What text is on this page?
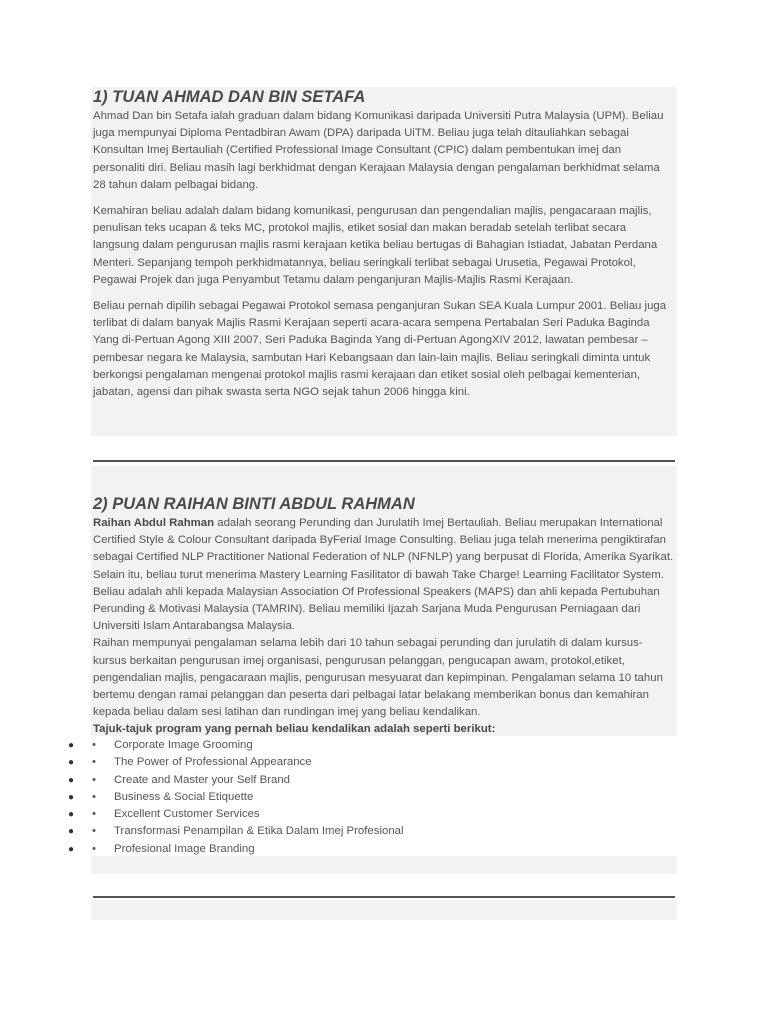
1) TUAN AHMAD DAN BIN SETAFA

Ahmad Dan bin Setafa ialah graduan dalam bidang Komunikasi daripada Universiti Putra Malaysia (UPM). Beliau juga mempunyai Diploma Pentadbiran Awam (DPA) daripada UiTM. Beliau juga telah ditauliahkan sebagai Konsultan Imej Bertauliah (Certified Professional Image Consultant (CPIC) dalam pembentukan imej dan personaliti diri. Beliau masih lagi berkhidmat dengan Kerajaan Malaysia dengan pengalaman berkhidmat selama 28 tahun dalam pelbagai bidang.

Kemahiran beliau adalah dalam bidang komunikasi, pengurusan dan pengendalian majlis, pengacaraan majlis, penulisan teks ucapan & teks MC, protokol majlis, etiket sosial dan makan beradab setelah terlibat secara langsung dalam pengurusan majlis rasmi kerajaan ketika beliau bertugas di Bahagian Istiadat, Jabatan Perdana Menteri. Sepanjang tempoh perkhidmatannya, beliau seringkali terlibat sebagai Urusetia, Pegawai Protokol, Pegawai Projek dan juga Penyambut Tetamu dalam penganjuran Majlis-Majlis Rasmi Kerajaan.

Beliau pernah dipilih sebagai Pegawai Protokol semasa penganjuran Sukan SEA Kuala Lumpur 2001. Beliau juga terlibat di dalam banyak Majlis Rasmi Kerajaan seperti acara-acara sempena Pertabalan Seri Paduka Baginda Yang di-Pertuan Agong XIII 2007, Seri Paduka Baginda Yang di-Pertuan AgongXIV 2012, lawatan pembesar – pembesar negara ke Malaysia, sambutan Hari Kebangsaan dan lain-lain majlis. Beliau seringkali diminta untuk berkongsi pengalaman mengenai protokol majlis rasmi kerajaan dan etiket sosial oleh pelbagai kementerian, jabatan, agensi dan pihak swasta serta NGO sejak tahun 2006 hingga kini.

2) PUAN RAIHAN BINTI ABDUL RAHMAN

Raihan Abdul Rahman adalah seorang Perunding dan Jurulatih Imej Bertauliah. Beliau merupakan International Certified Style & Colour Consultant daripada ByFerial Image Consulting. Beliau juga telah menerima pengiktirafan sebagai Certified NLP Practitioner National Federation of NLP (NFNLP) yang berpusat di Florida, Amerika Syarikat. Selain itu, beliau turut menerima Mastery Learning Fasilitator di bawah Take Charge! Learning Facilitator System. Beliau adalah ahli kepada Malaysian Association Of Professional Speakers (MAPS) dan ahli kepada Pertubuhan Perunding & Motivasi Malaysia (TAMRIN). Beliau memiliki Ijazah Sarjana Muda Pengurusan Perniagaan dari Universiti Islam Antarabangsa Malaysia.

Raihan mempunyai pengalaman selama lebih dari 10 tahun sebagai perunding dan jurulatih di dalam kursus-kursus berkaitan pengurusan imej organisasi, pengurusan pelanggan, pengucapan awam, protokol,etiket, pengendalian majlis, pengacaraan majlis, pengurusan mesyuarat dan kepimpinan. Pengalaman selama 10 tahun bertemu dengan ramai pelanggan dan peserta dari pelbagai latar belakang memberikan bonus dan kemahiran kepada beliau dalam sesi latihan dan rundingan imej yang beliau kendalikan.

Tajuk-tajuk program yang pernah beliau kendalikan adalah seperti berikut:

● • Corporate Image Grooming
● • The Power of Professional Appearance
● • Create and Master your Self Brand
● • Business & Social Etiquette
● • Excellent Customer Services
● • Transformasi Penampilan & Etika Dalam Imej Profesional
● • Profesional Image Branding
